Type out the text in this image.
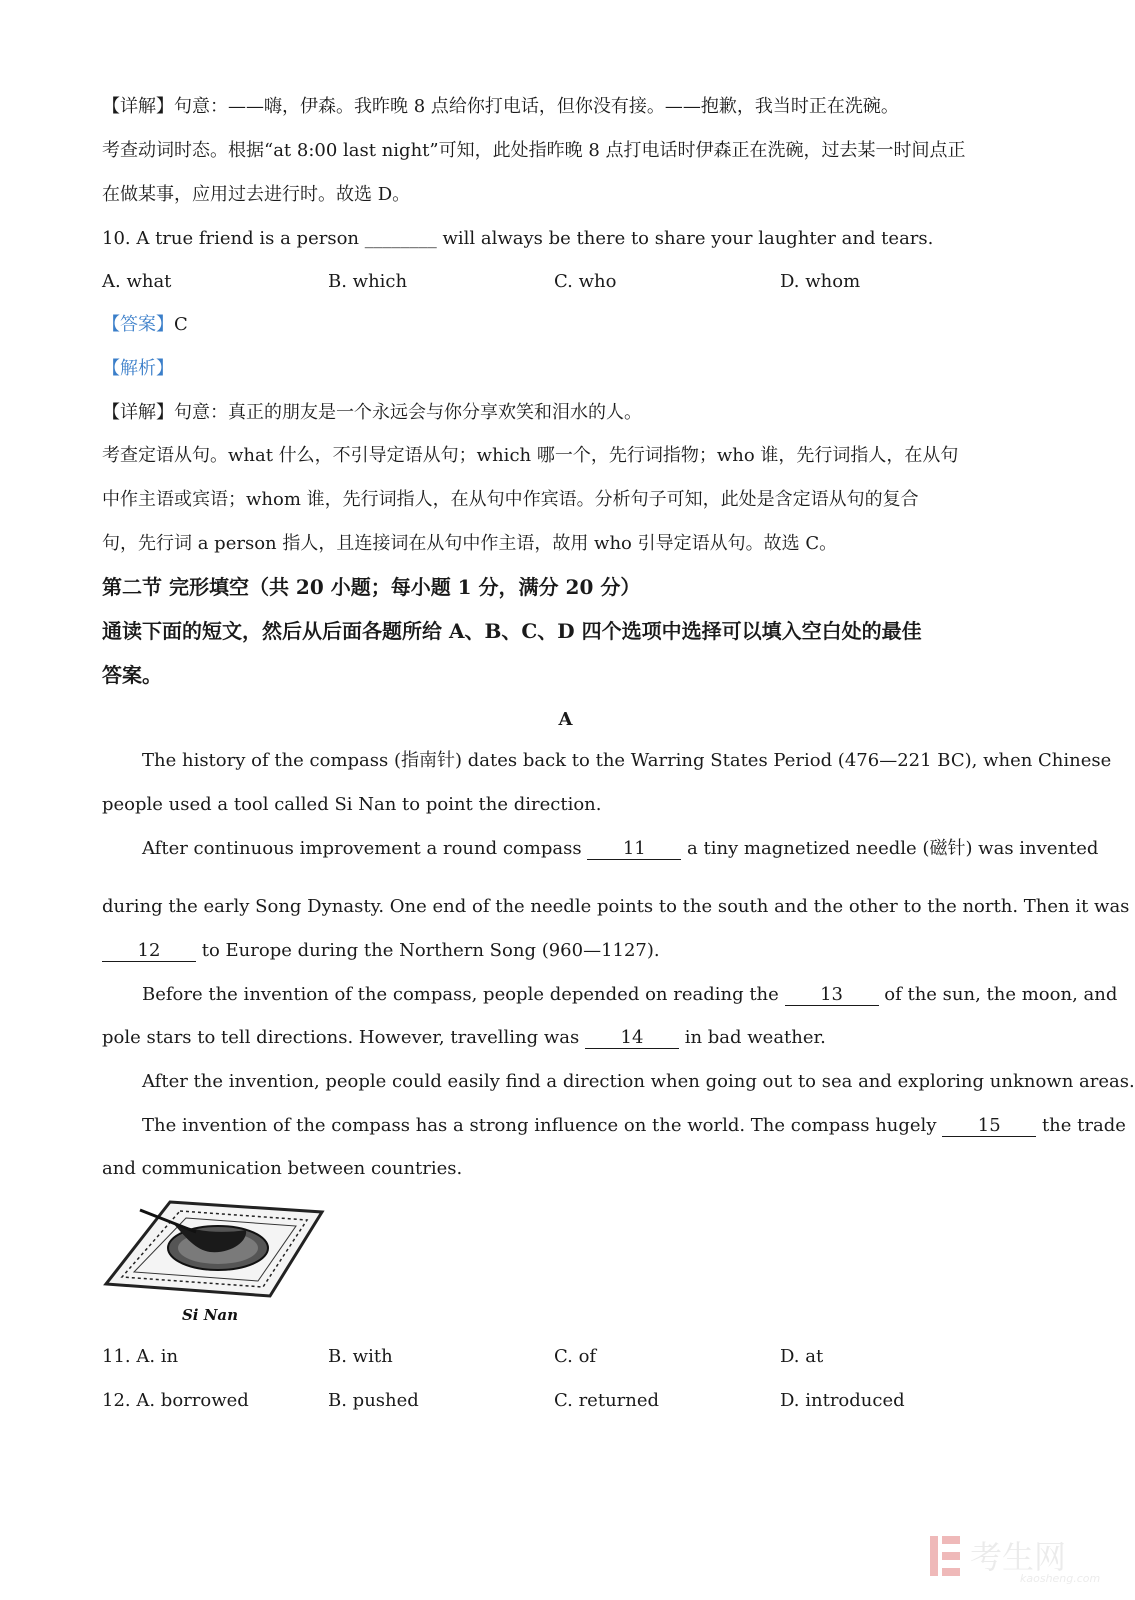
【详解】句意：——嗨，伊森。我昨晚 8 点给你打电话，但你没有接。——抱歉，我当时正在洗碗。
考查动词时态。根据“at 8:00 last night”可知，此处指昨晚 8 点打电话时伊森正在洗碗，过去某一时间点正
在做某事，应用过去进行时。故选 D。
10. A true friend is a person ________ will always be there to share your laughter and tears.
A. what	B. which	C. who	D. whom
【答案】C
【解析】
【详解】句意：真正的朋友是一个永远会与你分享欢笑和泪水的人。
考查定语从句。what 什么，不引导定语从句；which 哪一个，先行词指物；who 谁，先行词指人，在从句
中作主语或宾语；whom 谁，先行词指人，在从句中作宾语。分析句子可知，此处是含定语从句的复合
句，先行词 a person 指人，且连接词在从句中作主语，故用 who 引导定语从句。故选 C。
第二节 完形填空（共 20 小题；每小题 1 分，满分 20 分）
通读下面的短文，然后从后面各题所给 A、B、C、D 四个选项中选择可以填入空白处的最佳
答案。
A
The history of the compass (指南针) dates back to the Warring States Period (476—221 BC), when Chinese
people used a tool called Si Nan to point the direction.
After continuous improvement a round compass 11 a tiny magnetized needle (磁针) was invented
during the early Song Dynasty. One end of the needle points to the south and the other to the north. Then it was
12 to Europe during the Northern Song (960—1127).
Before the invention of the compass, people depended on reading the 13 of the sun, the moon, and
pole stars to tell directions. However, travelling was 14 in bad weather.
After the invention, people could easily find a direction when going out to sea and exploring unknown areas.
The invention of the compass has a strong influence on the world. The compass hugely 15 the trade
and communication between countries.
Si Nan
11. A. in	B. with	C. of	D. at
12. A. borrowed	B. pushed	C. returned	D. introduced
考生网
kaosheng.com
